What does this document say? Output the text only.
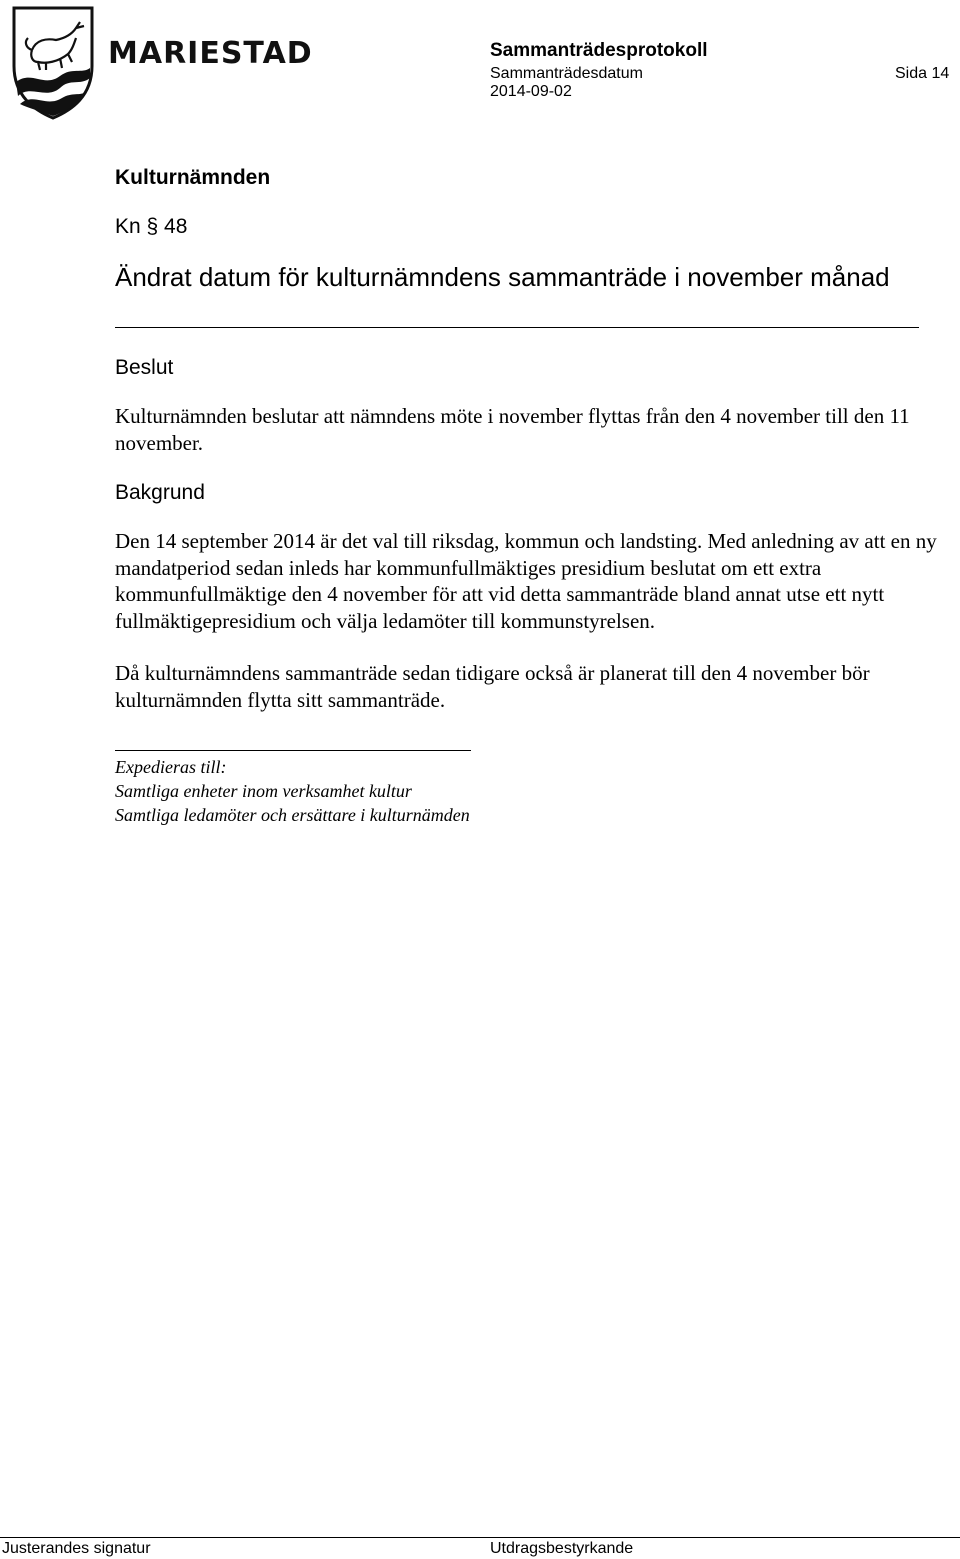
MARIESTAD	Sammanträdesprotokoll
Sammanträdesdatum	Sida 14
2014-09-02
Kulturnämnden
Kn § 48
Ändrat datum för kulturnämndens sammanträde i november månad
Beslut
Kulturnämnden beslutar att nämndens möte i november flyttas från den 4 november till den 11 november.
Bakgrund
Den 14 september 2014 är det val till riksdag, kommun och landsting. Med anledning av att en ny mandatperiod sedan inleds har kommunfullmäktiges presidium beslutat om ett extra kommunfullmäktige den 4 november för att vid detta sammanträde bland annat utse ett nytt fullmäktigepresidium och välja ledamöter till kommunstyrelsen.
Då kulturnämndens sammanträde sedan tidigare också är planerat till den 4 november bör kulturnämnden flytta sitt sammanträde.
Expedieras till:
Samtliga enheter inom verksamhet kultur
Samtliga ledamöter och ersättare i kulturnämden
Justerandes signatur	Utdragsbestyrkande
